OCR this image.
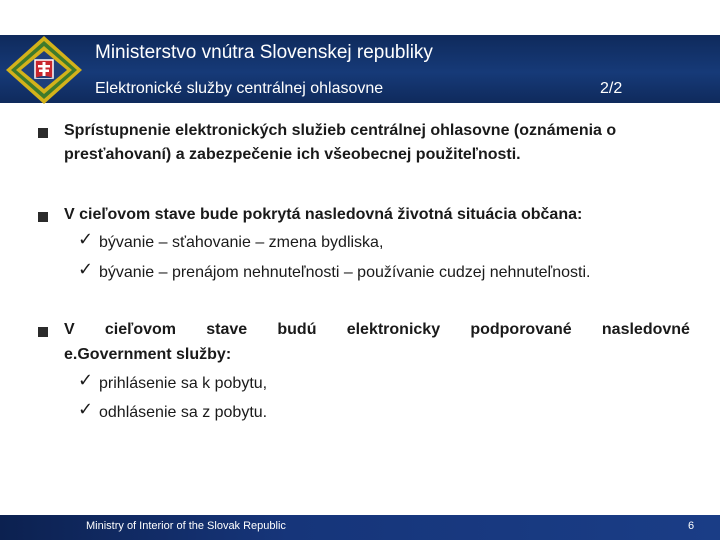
Ministerstvo vnútra Slovenskej republiky
Elektronické služby centrálnej ohlasovne	2/2
Sprístupnenie elektronických služieb centrálnej ohlasovne (oznámenia o
presťahovaní) a zabezpečenie ich všeobecnej použiteľnosti.
V cieľovom stave bude pokrytá nasledovná životná situácia občana:
✓ bývanie – sťahovanie – zmena bydliska,
✓ bývanie – prenájom nehnuteľnosti – používanie cudzej nehnuteľnosti.
V cieľovom stave budú elektronicky podporované nasledovné
e.Government služby:
✓ prihlásenie sa k pobytu,
✓ odhlásenie sa z pobytu.
Ministry of Interior of the Slovak Republic	6
